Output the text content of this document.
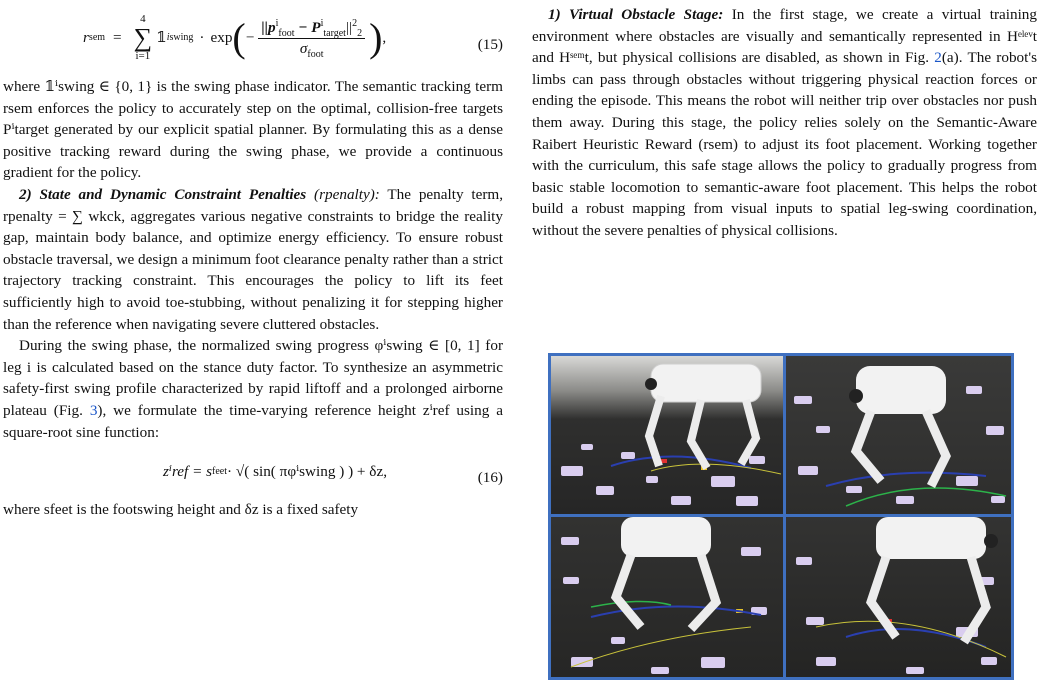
r sem =
4
∑
i=1
𝟙 i swing · exp ( − $\frac{||p^i_{foot} - P^i_{target}||^2_2}{\sigma_{foot}}$ ) ,	(15)

where 𝟙ⁱswing ∈ {0, 1} is the swing phase indicator. The semantic tracking term rsem enforces the policy to accurately step on the optimal, collision-free targets Pⁱtarget generated by our explicit spatial planner. By formulating this as a dense positive tracking reward during the swing phase, we provide a continuous gradient for the policy.

2) State and Dynamic Constraint Penalties (rpenalty): The penalty term, rpenalty = ∑ wkck, aggregates various negative constraints to bridge the reality gap, maintain body balance, and optimize energy efficiency. To ensure robust obstacle traversal, we design a minimum foot clearance penalty rather than a strict trajectory tracking constraint. This encourages the policy to lift its feet sufficiently high to avoid toe-stubbing, without penalizing it for stepping higher than the reference when navigating severe cluttered obstacles.

During the swing phase, the normalized swing progress φⁱswing ∈ [0, 1] for leg i is calculated based on the stance duty factor. To synthesize an asymmetric safety-first swing profile characterized by rapid liftoff and a prolonged airborne plateau (Fig. 3), we formulate the time-varying reference height zⁱref using a square-root sine function:

zⁱref = s feet · √( sin( πφⁱswing ) ) + δz,	(16)

where sfeet is the footswing height and δz is a fixed safety

1) Virtual Obstacle Stage: In the first stage, we create a virtual training environment where obstacles are visually and semantically represented in Hᵉˡᵉᵛt and Hˢᵉᵐt, but physical collisions are disabled, as shown in Fig. 2(a). The robot's limbs can pass through obstacles without triggering physical reaction forces or ending the episode. This means the robot will neither trip over obstacles nor push them away. During this stage, the policy relies solely on the Semantic-Aware Raibert Heuristic Reward (rsem) to adjust its foot placement. Working together with the curriculum, this safe stage allows the policy to gradually progress from basic stable locomotion to semantic-aware foot placement. This helps the robot build a robust mapping from visual inputs to spatial leg-swing coordination, without the severe penalties of physical collisions.
